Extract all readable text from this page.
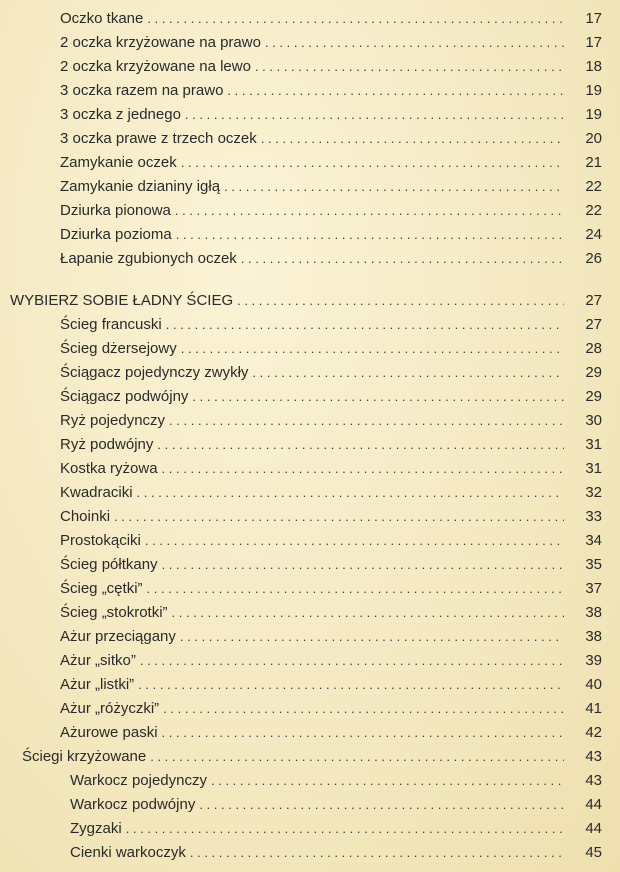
Oczko tkane . . .	17
2 oczka krzyżowane na prawo . . .	17
2 oczka krzyżowane na lewo . . .	18
3 oczka razem na prawo . . .	19
3 oczka z jednego . . .	19
3 oczka prawe z trzech oczek . . .	20
Zamykanie oczek . . .	21
Zamykanie dzianiny igłą . . .	22
Dziurka pionowa . . .	22
Dziurka pozioma . . .	24
Łapanie zgubionych oczek . . .	26
WYBIERZ SOBIE ŁADNY ŚCIEG . . .	27
Ścieg francuski . . .	27
Ścieg dżersejowy . . .	28
Ściągacz pojedynczy zwykły . . .	29
Ściągacz podwójny . . .	29
Ryż pojedynczy . . .	30
Ryż podwójny . . .	31
Kostka ryżowa . . .	31
Kwadraciki . . .	32
Choinki . . .	33
Prostokąciki . . .	34
Ścieg półtkany . . .	35
Ścieg „cętki” . . .	37
Ścieg „stokrotki” . . .	38
Ażur przeciągany . . .	38
Ażur „sitko” . . .	39
Ażur „listki” . . .	40
Ażur „różyczki” . . .	41
Ażurowe paski . . .	42
Ściegi krzyżowane . . .	43
Warkocz pojedynczy . . .	43
Warkocz podwójny . . .	44
Zygzaki . . .	44
Cienki warkoczyk . . .	45
